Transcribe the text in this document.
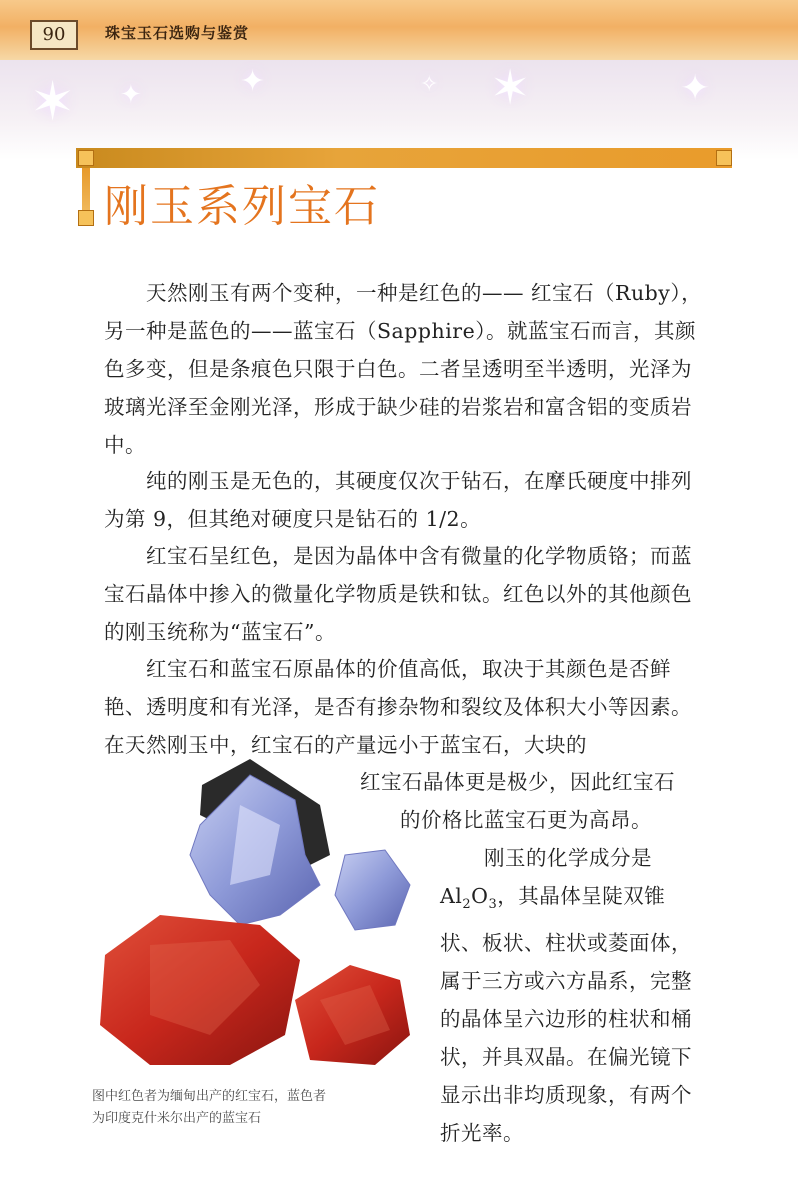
90	珠宝玉石选购与鉴赏
✶ ✦	✦	✧ ✶	✦
刚玉系列宝石

天然刚玉有两个变种，一种是红色的—— 红宝石（Ruby），另一种是蓝色的——蓝宝石（Sapphire）。就蓝宝石而言，其颜色多变，但是条痕色只限于白色。二者呈透明至半透明，光泽为玻璃光泽至金刚光泽，形成于缺少硅的岩浆岩和富含铝的变质岩中。

纯的刚玉是无色的，其硬度仅次于钻石，在摩氏硬度中排列为第 9，但其绝对硬度只是钻石的 1/2。

红宝石呈红色，是因为晶体中含有微量的化学物质铬；而蓝宝石晶体中掺入的微量化学物质是铁和钛。红色以外的其他颜色的刚玉统称为“蓝宝石”。

红宝石和蓝宝石原晶体的价值高低，取决于其颜色是否鲜艳、透明度和有光泽，是否有掺杂物和裂纹及体积大小等因素。在天然刚玉中，红宝石的产量远小于蓝宝石，大块的

红宝石晶体更是极少，因此红宝石

的价格比蓝宝石更为高昂。

刚玉的化学成分是 $Al_2O_3$，其晶体呈陡双锥状、板状、柱状或菱面体，属于三方或六方晶系，完整的晶体呈六边形的柱状和桶状，并具双晶。在偏光镜下显示出非均质现象，有两个折光率。

图中红色者为缅甸出产的红宝石，蓝色者
为印度克什米尔出产的蓝宝石
